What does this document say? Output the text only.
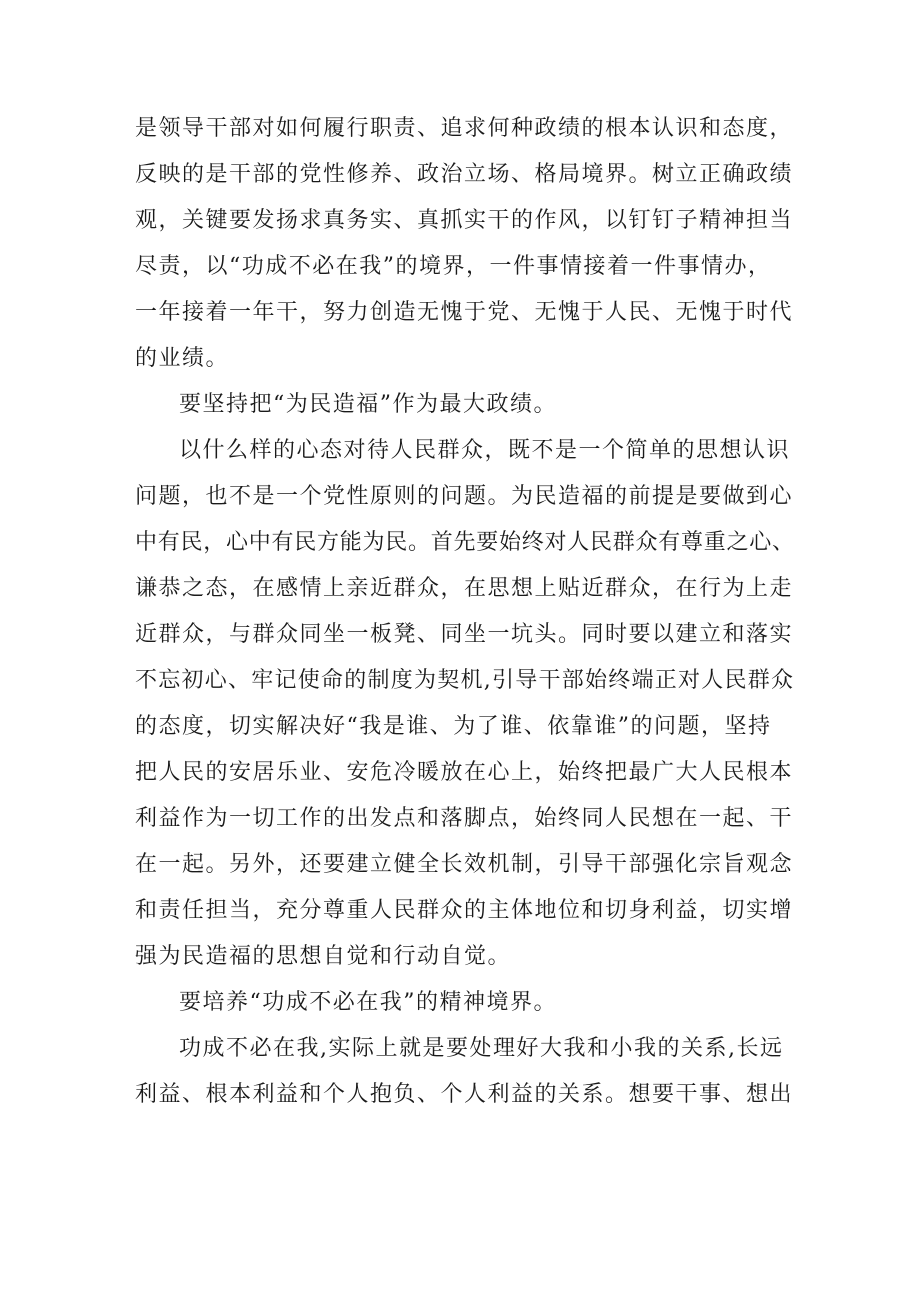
是领导干部对如何履行职责、追求何种政绩的根本认识和态度，
反映的是干部的党性修养、政治立场、格局境界。树立正确政绩
观，关键要发扬求真务实、真抓实干的作风，以钉钉子精神担当
尽责，以“功成不必在我”的境界，一件事情接着一件事情办，
一年接着一年干，努力创造无愧于党、无愧于人民、无愧于时代
的业绩。
要坚持把“为民造福”作为最大政绩。
以什么样的心态对待人民群众，既不是一个简单的思想认识
问题，也不是一个党性原则的问题。为民造福的前提是要做到心
中有民，心中有民方能为民。首先要始终对人民群众有尊重之心、
谦恭之态，在感情上亲近群众，在思想上贴近群众，在行为上走
近群众，与群众同坐一板凳、同坐一坑头。同时要以建立和落实
不忘初心、牢记使命的制度为契机,引导干部始终端正对人民群众
的态度，切实解决好“我是谁、为了谁、依靠谁”的问题，坚持
把人民的安居乐业、安危冷暖放在心上，始终把最广大人民根本
利益作为一切工作的出发点和落脚点，始终同人民想在一起、干
在一起。另外，还要建立健全长效机制，引导干部强化宗旨观念
和责任担当，充分尊重人民群众的主体地位和切身利益，切实增
强为民造福的思想自觉和行动自觉。
要培养“功成不必在我”的精神境界。
功成不必在我,实际上就是要处理好大我和小我的关系,长远
利益、根本利益和个人抱负、个人利益的关系。想要干事、想出
